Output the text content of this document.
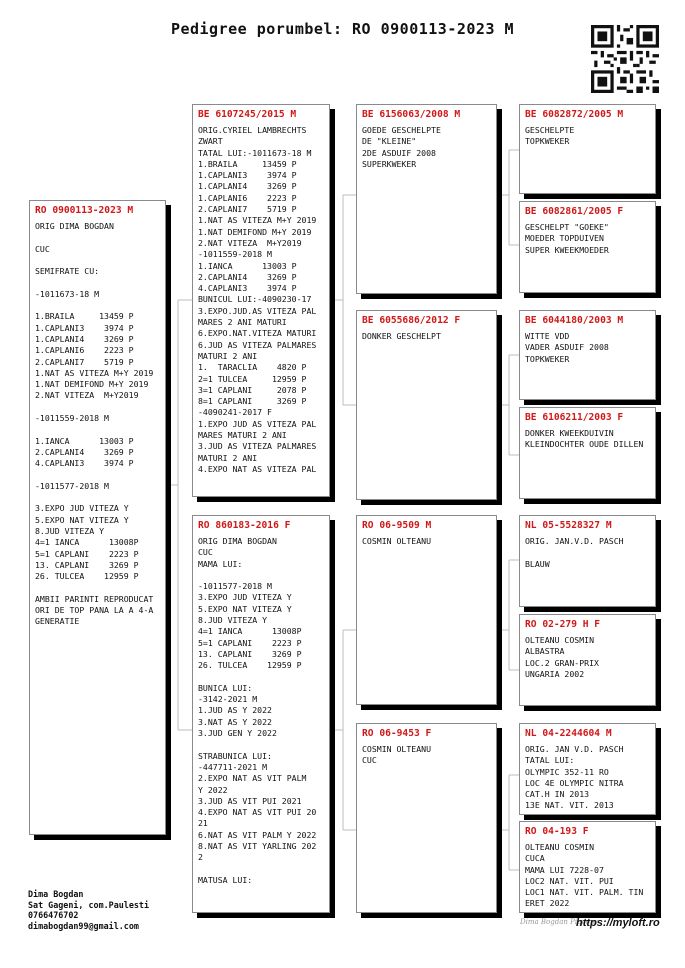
Pedigree porumbel: RO 0900113-2023 M
RO 0900113-2023 M
ORIG DIMA BOGDAN

CUC

SEMIFRATE CU:

-1011673-18 M

1.BRAILA     13459 P
1.CAPLANI3    3974 P
1.CAPLANI4    3269 P
1.CAPLANI6    2223 P
2.CAPLANI7    5719 P
1.NAT AS VITEZA M+Y 2019
1.NAT DEMIFOND M+Y 2019
2.NAT VITEZA  M+Y2019

-1011559-2018 M

1.IANCA      13003 P
2.CAPLANI4    3269 P
4.CAPLANI3    3974 P

-1011577-2018 M

3.EXPO JUD VITEZA Y
5.EXPO NAT VITEZA Y
8.JUD VITEZA Y
4=1 IANCA      13008P
5=1 CAPLANI    2223 P
13. CAPLANI    3269 P
26. TULCEA    12959 P

AMBII PARINTI REPRODUCAT
ORI DE TOP PANA LA A 4-A
GENERATIE
BE 6107245/2015 M
ORIG.CYRIEL LAMBRECHTS
ZWART
TATAL LUI:-1011673-18 M
1.BRAILA     13459 P
1.CAPLANI3    3974 P
1.CAPLANI4    3269 P
1.CAPLANI6    2223 P
2.CAPLANI7    5719 P
1.NAT AS VITEZA M+Y 2019
1.NAT DEMIFOND M+Y 2019
2.NAT VITEZA  M+Y2019
-1011559-2018 M
1.IANCA      13003 P
2.CAPLANI4    3269 P
4.CAPLANI3    3974 P
BUNICUL LUI:-4090230-17
3.EXPO.JUD.AS VITEZA PAL
MARES 2 ANI MATURI
6.EXPO.NAT.VITEZA MATURI
6.JUD AS VITEZA PALMARES
MATURI 2 ANI
1.  TARACLIA    4820 P
2=1 TULCEA     12959 P
3=1 CAPLANI     2078 P
8=1 CAPLANI     3269 P
-4090241-2017 F
1.EXPO JUD AS VITEZA PAL
MARES MATURI 2 ANI
3.JUD AS VITEZA PALMARES
MATURI 2 ANI
4.EXPO NAT AS VITEZA PAL
RO 860183-2016 F
ORIG DIMA BOGDAN
CUC
MAMA LUI:

-1011577-2018 M
3.EXPO JUD VITEZA Y
5.EXPO NAT VITEZA Y
8.JUD VITEZA Y
4=1 IANCA      13008P
5=1 CAPLANI    2223 P
13. CAPLANI    3269 P
26. TULCEA    12959 P

BUNICA LUI:
-3142-2021 M
1.JUD AS Y 2022
3.NAT AS Y 2022
3.JUD GEN Y 2022

STRABUNICA LUI:
-447711-2021 M
2.EXPO NAT AS VIT PALM
Y 2022
3.JUD AS VIT PUI 2021
4.EXPO NAT AS VIT PUI 20
21
6.NAT AS VIT PALM Y 2022
8.NAT AS VIT YARLING 202
2

MATUSA LUI:
BE 6156063/2008 M
GOEDE GESCHELPTE
DE "KLEINE"
2DE ASDUIF 2008
SUPERKWEKER
BE 6055686/2012 F
DONKER GESCHELPT
RO 06-9509 M
COSMIN OLTEANU
RO 06-9453 F
COSMIN OLTEANU
CUC
BE 6082872/2005 M
GESCHELPTE
TOPKWEKER
BE 6082861/2005 F
GESCHELPT "GOEKE"
MOEDER TOPDUIVEN
SUPER KWEEKMOEDER
BE 6044180/2003 M
WITTE VDD
VADER ASDUIF 2008
TOPKWEKER
BE 6106211/2003 F
DONKER KWEEKDUIVIN
KLEINDOCHTER OUDE DILLEN
NL 05-5528327 M
ORIG. JAN.V.D. PASCH

BLAUW
RO 02-279 H F
OLTEANU COSMIN
ALBASTRA
LOC.2 GRAN-PRIX
UNGARIA 2002
NL 04-2244604 M
ORIG. JAN V.D. PASCH
TATAL LUI:
OLYMPIC 352-11 RO
LOC 4E OLYMPIC NITRA
CAT.H IN 2013
13E NAT. VIT. 2013
RO 04-193 F
OLTEANU COSMIN
CUCA
MAMA LUI 7228-07
LOC2 NAT. VIT. PUI
LOC1 NAT. VIT. PALM. TIN
ERET 2022
Dima Bogdan
Sat Gageni, com.Paulesti
0766476702
dimabogdan99@gmail.com	Dima Bogdan Pigeons
https://myloft.ro
